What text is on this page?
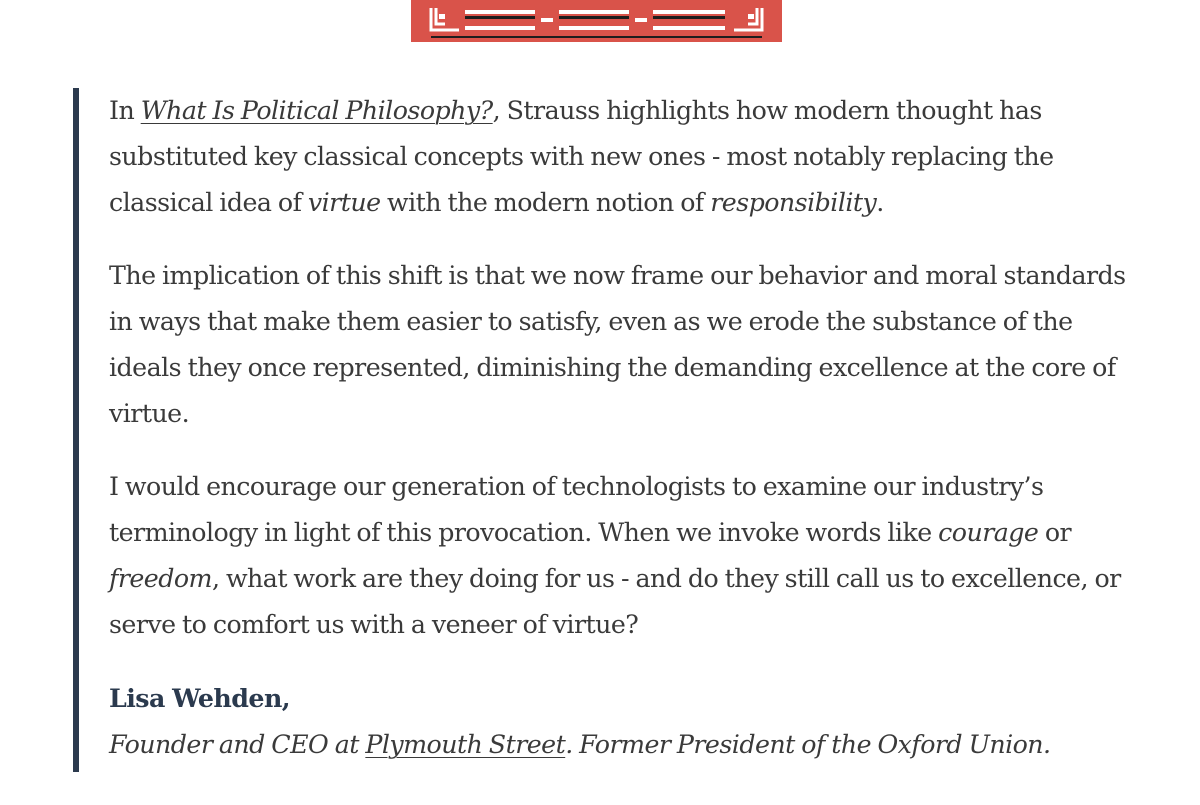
In What Is Political Philosophy?, Strauss highlights how modern thought has substituted key classical concepts with new ones - most notably replacing the classical idea of virtue with the modern notion of responsibility.

The implication of this shift is that we now frame our behavior and moral standards in ways that make them easier to satisfy, even as we erode the substance of the ideals they once represented, diminishing the demanding excellence at the core of virtue.

I would encourage our generation of technologists to examine our industry’s terminology in light of this provocation. When we invoke words like courage or freedom, what work are they doing for us - and do they still call us to excellence, or serve to comfort us with a veneer of virtue?

Lisa Wehden,
Founder and CEO at Plymouth Street. Former President of the Oxford Union.
